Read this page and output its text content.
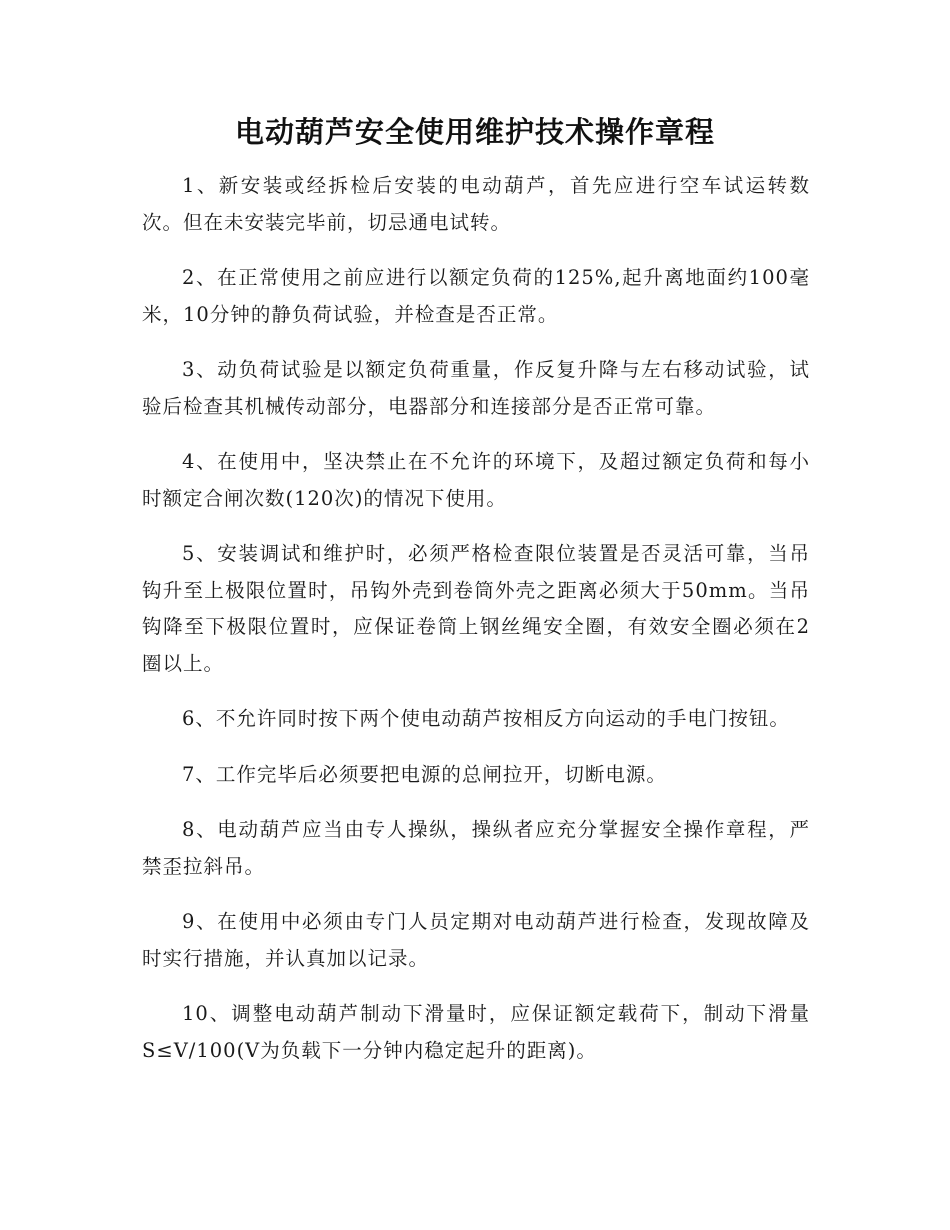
电动葫芦安全使用维护技术操作章程

1、新安装或经拆检后安装的电动葫芦，首先应进行空车试运转数次。但在未安装完毕前，切忌通电试转。

2、在正常使用之前应进行以额定负荷的125%,起升离地面约100毫米，10分钟的静负荷试验，并检查是否正常。

3、动负荷试验是以额定负荷重量，作反复升降与左右移动试验，试验后检查其机械传动部分，电器部分和连接部分是否正常可靠。

4、在使用中，坚决禁止在不允许的环境下，及超过额定负荷和每小时额定合闸次数(120次)的情况下使用。

5、安装调试和维护时，必须严格检查限位装置是否灵活可靠，当吊钩升至上极限位置时，吊钩外壳到卷筒外壳之距离必须大于50mm。当吊钩降至下极限位置时，应保证卷筒上钢丝绳安全圈，有效安全圈必须在2圈以上。

6、不允许同时按下两个使电动葫芦按相反方向运动的手电门按钮。

7、工作完毕后必须要把电源的总闸拉开，切断电源。

8、电动葫芦应当由专人操纵，操纵者应充分掌握安全操作章程，严禁歪拉斜吊。

9、在使用中必须由专门人员定期对电动葫芦进行检查，发现故障及时实行措施，并认真加以记录。

10、调整电动葫芦制动下滑量时，应保证额定载荷下，制动下滑量S≤V/100(V为负载下一分钟内稳定起升的距离)。
